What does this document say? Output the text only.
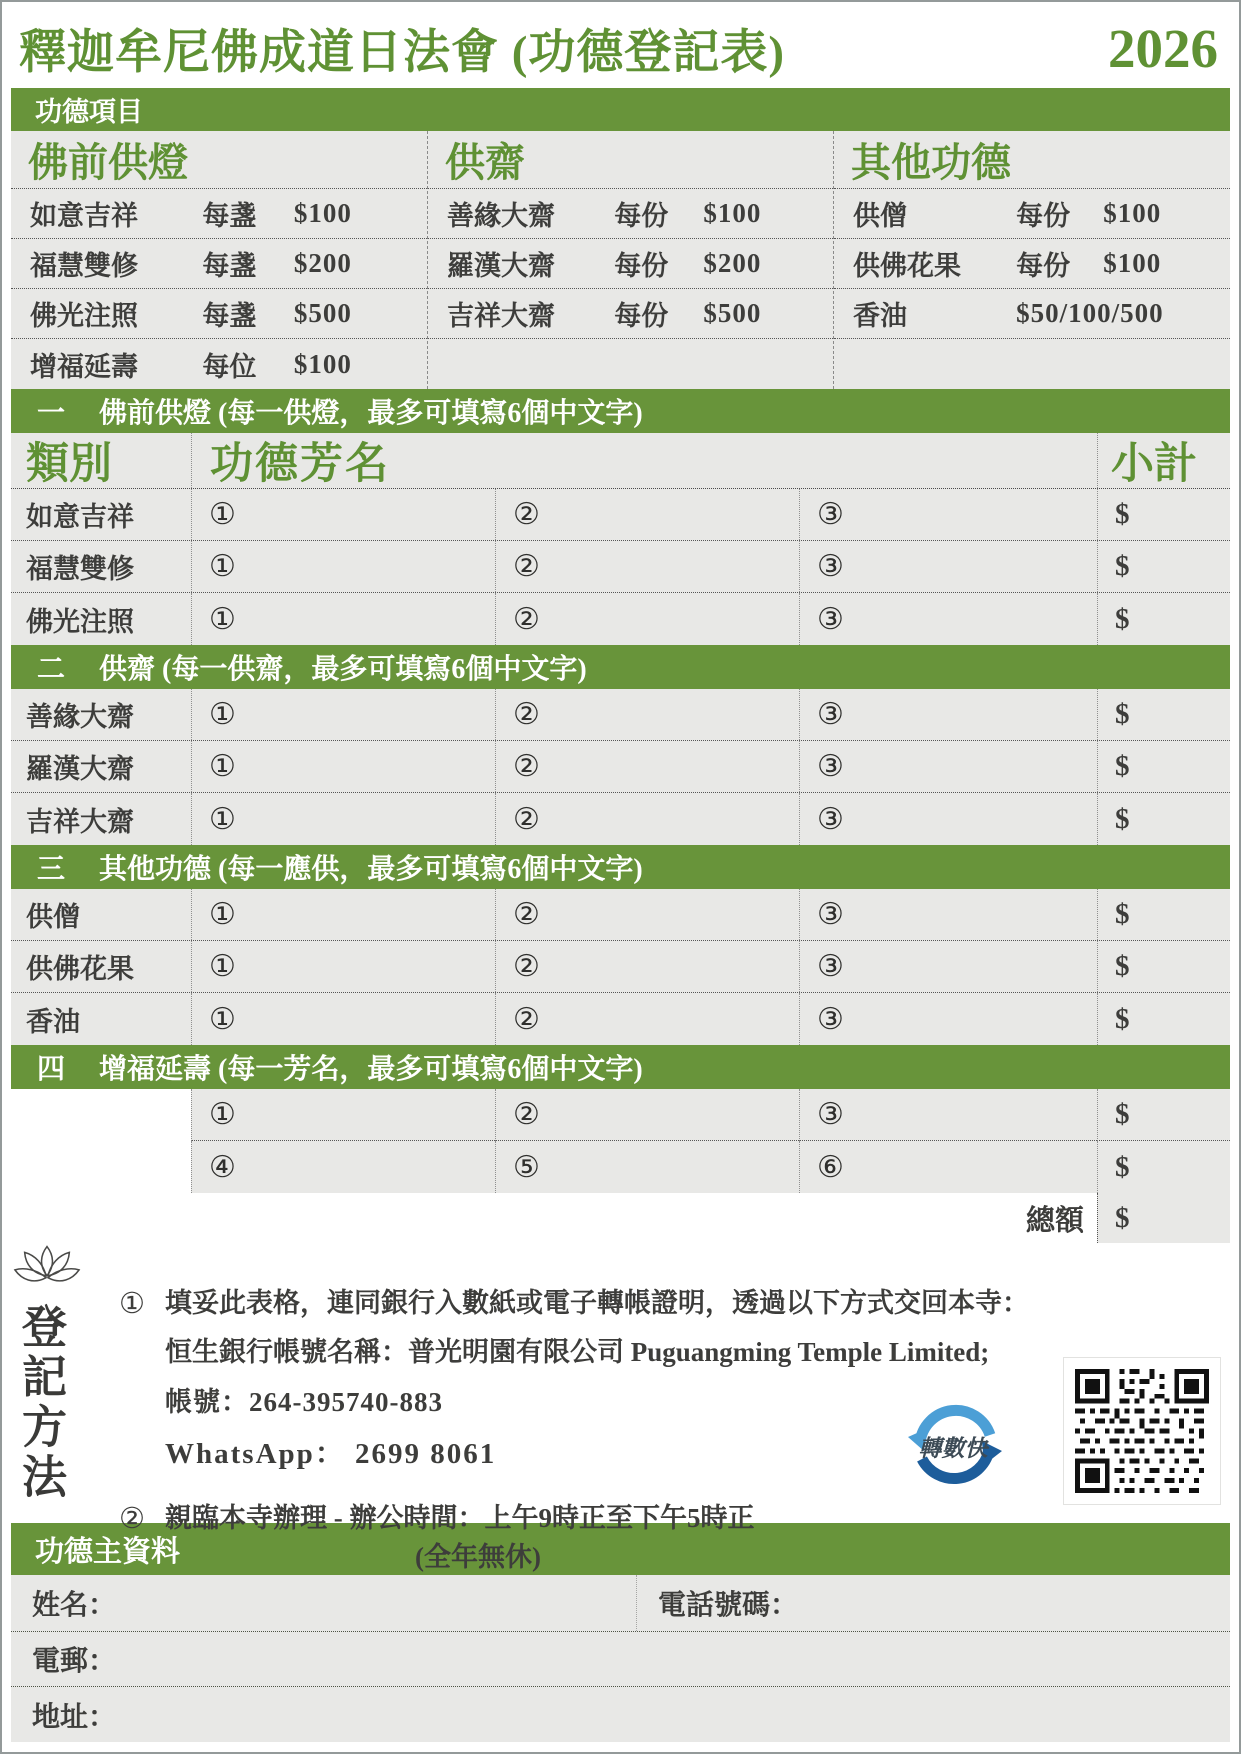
釋迦牟尼佛成道日法會 (功德登記表)	2026
功德項目
佛前供燈
如意吉祥 每盞 $100
福慧雙修 每盞 $200
佛光注照 每盞 $500
增福延壽 每位 $100
供齋
善緣大齋 每份 $100
羅漢大齋 每份 $200
吉祥大齋 每份 $500
其他功德
供僧	每份 $100
供佛花果 每份 $100
香油	$50/100/500
一	佛前供燈 (每一供燈，最多可填寫6個中文字)
類別	功德芳名	小計
如意吉祥	①	②	③	$
福慧雙修	①	②	③	$
佛光注照	①	②	③	$
二	供齋 (每一供齋，最多可填寫6個中文字)
善緣大齋	①	②	③	$
羅漢大齋	①	②	③	$
吉祥大齋	①	②	③	$
三	其他功德 (每一應供，最多可填寫6個中文字)
供僧	①	②	③	$
供佛花果	①	②	③	$
香油	①	②	③	$
四	增福延壽 (每一芳名，最多可填寫6個中文字)
①	②	③	$
④	⑤	⑥	$
總額	$
登記方法 ① 填妥此表格，連同銀行入數紙或電子轉帳證明，透過以下方式交回本寺：
恒生銀行帳號名稱：普光明園有限公司 Puguangming Temple Limited;
帳號：264-395740-883
WhatsApp： 2699 8061
② 親臨本寺辦理 - 辦公時間：上午9時正至下午5時正
(全年無休)
轉數快
功德主資料
姓名：	電話號碼：
電郵：
地址：
